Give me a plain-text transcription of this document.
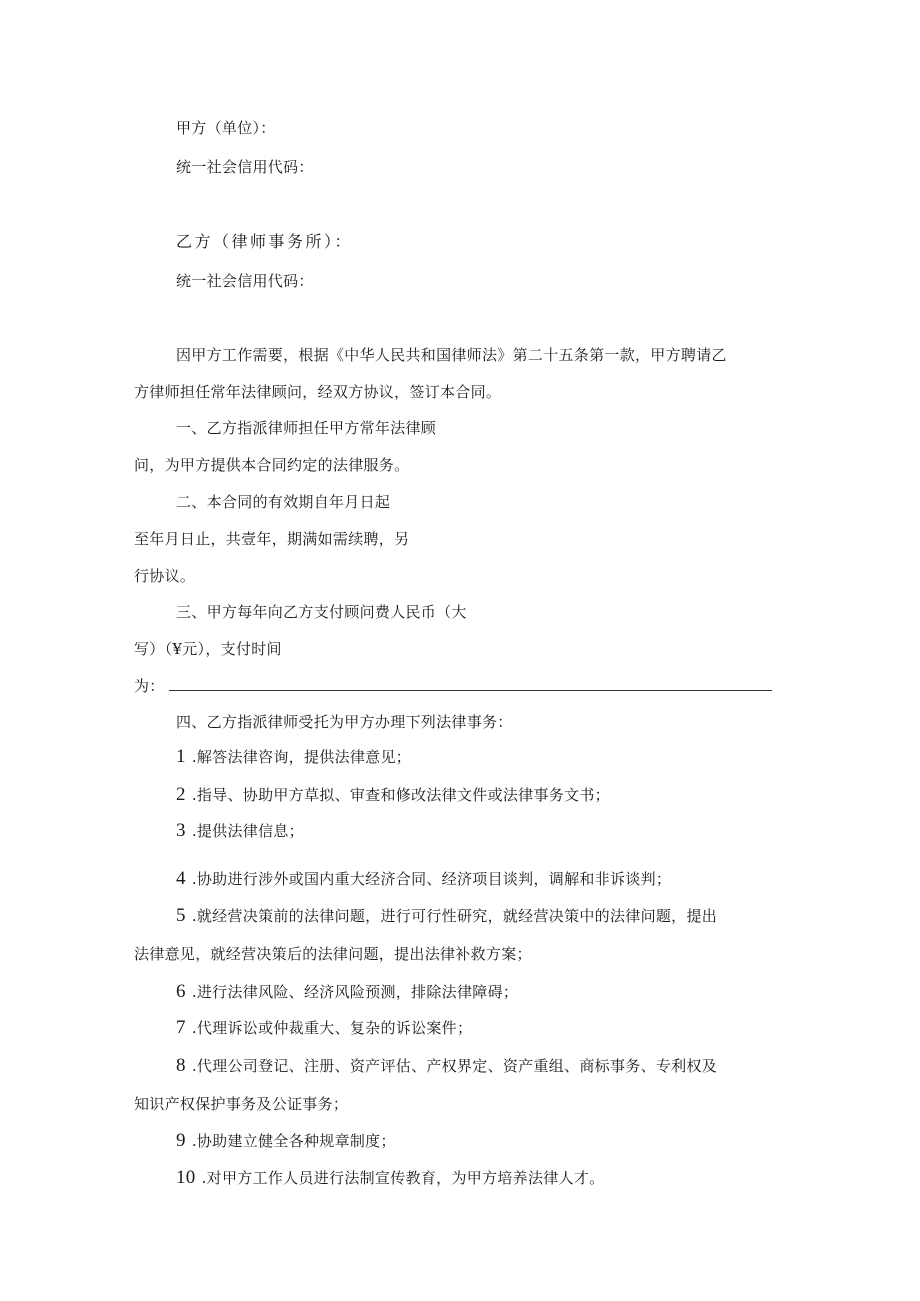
甲方（单位）：
统一社会信用代码：
乙方（律师事务所）：
统一社会信用代码：
因甲方工作需要，根据《中华人民共和国律师法》第二十五条第一款，甲方聘请乙
方律师担任常年法律顾问，经双方协议，签订本合同。
一、乙方指派律师担任甲方常年法律顾
问，为甲方提供本合同约定的法律服务。
二、本合同的有效期自年月日起
至年月日止，共壹年，期满如需续聘，另
行协议。
三、甲方每年向乙方支付顾问费人民币（大
写）（¥元），支付时间
为：
四、乙方指派律师受托为甲方办理下列法律事务：
1 .解答法律咨询，提供法律意见；
2 .指导、协助甲方草拟、审查和修改法律文件或法律事务文书；
3 .提供法律信息；
4 .协助进行涉外或国内重大经济合同、经济项目谈判，调解和非诉谈判；
5 .就经营决策前的法律问题，进行可行性研究，就经营决策中的法律问题，提出
法律意见，就经营决策后的法律问题，提出法律补救方案；
6 .进行法律风险、经济风险预测，排除法律障碍；
7 .代理诉讼或仲裁重大、复杂的诉讼案件；
8 .代理公司登记、注册、资产评估、产权界定、资产重组、商标事务、专利权及
知识产权保护事务及公证事务；
9 .协助建立健全各种规章制度；
10 .对甲方工作人员进行法制宣传教育，为甲方培养法律人才。
